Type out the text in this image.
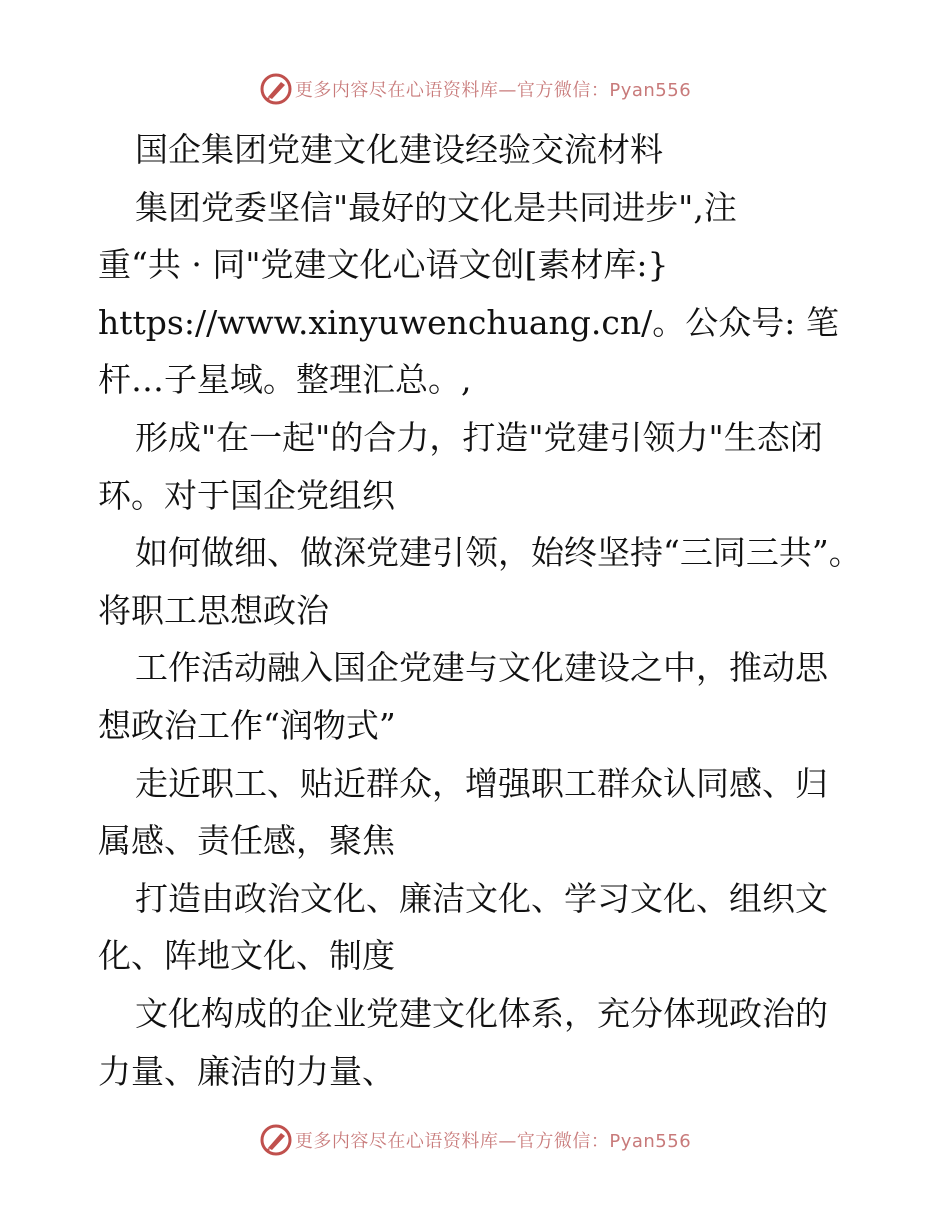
更多内容尽在心语资料库—官方微信：Pyan556

国企集团党建文化建设经验交流材料

集团党委坚信"最好的文化是共同进步",注

重“共 · 同"党建文化心语文创[素材库:}

https://www.xinyuwenchuang.cn/。公众号: 笔

杆…子星域。整理汇总。,

形成"在一起"的合力，打造"党建引领力"生态闭环。对于国企党组织

如何做细、做深党建引领，始终坚持“三同三共”。　将职工思想政治

工作活动融入国企党建与文化建设之中，推动思想政治工作“润物式”

走近职工、贴近群众，增强职工群众认同感、归属感、责任感，聚焦

打造由政治文化、廉洁文化、学习文化、组织文化、阵地文化、制度

文化构成的企业党建文化体系，充分体现政治的力量、廉洁的力量、

更多内容尽在心语资料库—官方微信：Pyan556
